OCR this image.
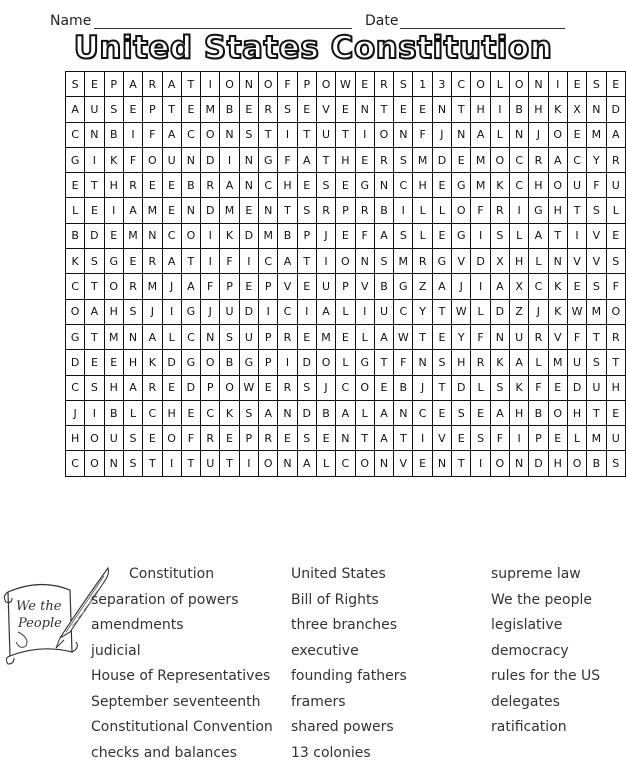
Name	Date
United States Constitution
S	E	P	A	R	A	T	I	O	N	O	F	P	O	W	E	R	S	1	3	C	O	L	O	N	I	E	S	E
A	U	S	E	P	T	E	M	B	E	R	S	E	V	E	N	T	E	E	N	T	H	I	B	H	K	X	N	D
C	N	B	I	F	A	C	O	N	S	T	I	T	U	T	I	O	N	F	J	N	A	L	N	J	O	E	M	A
G	I	K	F	O	U	N	D	I	N	G	F	A	T	H	E	R	S	M	D	E	M	O	C	R	A	C	Y	R
E	T	H	R	E	E	B	R	A	N	C	H	E	S	E	G	N	C	H	E	G	M	K	C	H	O	U	F	U
L	E	I	A	M	E	N	D	M	E	N	T	S	R	P	R	B	I	L	L	O	F	R	I	G	H	T	S	L
B	D	E	M	N	C	O	I	K	D	M	B	P	J	E	F	A	S	L	E	G	I	S	L	A	T	I	V	E
K	S	G	E	R	A	T	I	F	I	C	A	T	I	O	N	S	M	R	G	V	D	X	H	L	N	V	V	S
C	T	O	R	M	J	A	F	P	E	P	V	E	U	P	V	B	G	Z	A	J	I	A	X	C	K	E	S	F
O	A	H	S	J	I	G	J	U	D	I	C	I	A	L	I	U	C	Y	T	W	L	D	Z	J	K	W	M	O
G	T	M	N	A	L	C	N	S	U	P	R	E	M	E	L	A	W	T	E	Y	F	N	U	R	V	F	T	R
D	E	E	H	K	D	G	O	B	G	P	I	D	O	L	G	T	F	N	S	H	R	K	A	L	M	U	S	T
C	S	H	A	R	E	D	P	O	W	E	R	S	J	C	O	E	B	J	T	D	L	S	K	F	E	D	U	H
J	I	B	L	C	H	E	C	K	S	A	N	D	B	A	L	A	N	C	E	S	E	A	H	B	O	H	T	E
H	O	U	S	E	O	F	R	E	P	R	E	S	E	N	T	A	T	I	V	E	S	F	I	P	E	L	M	U
C	O	N	S	T	I	T	U	T	I	O	N	A	L	C	O	N	V	E	N	T	I	O	N	D	H	O	B	S
We the
People
Constitution
separation of powers
amendments
judicial
House of Representatives
September seventeenth
Constitutional Convention
checks and balances
United States
Bill of Rights
three branches
executive
founding fathers
framers
shared powers
13 colonies
supreme law
We the people
legislative
democracy
rules for the US
delegates
ratification
